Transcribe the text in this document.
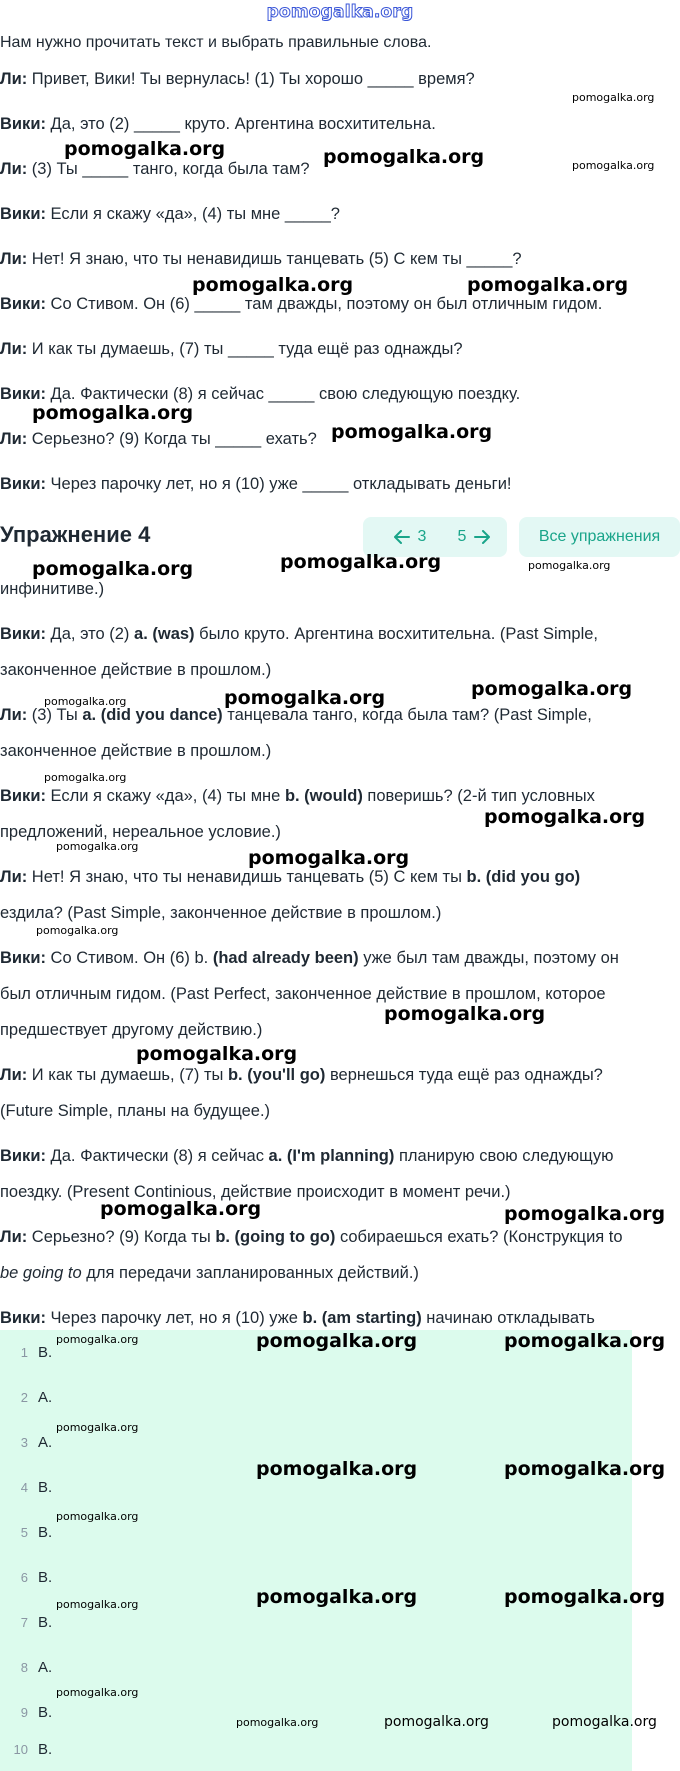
pomogalka.org
Нам нужно прочитать текст и выбрать правильные слова.
Ли: Привет, Вики! Ты вернулась! (1) Ты хорошо _____ время?
Вики: Да, это (2) _____ круто. Аргентина восхитительна.
Ли: (3) Ты _____ танго, когда была там?
Вики: Если я скажу «да», (4) ты мне _____?
Ли: Нет! Я знаю, что ты ненавидишь танцевать (5) С кем ты _____?
Вики: Со Стивом. Он (6) _____ там дважды, поэтому он был отличным гидом.
Ли: И как ты думаешь, (7) ты _____ туда ещё раз однажды?
Вики: Да. Фактически (8) я сейчас _____ свою следующую поездку.
Ли: Серьезно? (9) Когда ты _____ ехать?
Вики: Через парочку лет, но я (10) уже _____ откладывать деньги!
Упражнение 4	3 5	Все упражнения
инфинитиве.)
Вики: Да, это (2) a. (was) было круто. Аргентина восхитительна. (Past Simple,
законченное действие в прошлом.)
Ли: (3) Ты a. (did you dance) танцевала танго, когда была там? (Past Simple,
законченное действие в прошлом.)
Вики: Если я скажу «да», (4) ты мне b. (would) поверишь? (2-й тип условных
предложений, нереальное условие.)
Ли: Нет! Я знаю, что ты ненавидишь танцевать (5) С кем ты b. (did you go)
ездила? (Past Simple, законченное действие в прошлом.)
Вики: Со Стивом. Он (6) b. (had already been) уже был там дважды, поэтому он
был отличным гидом. (Past Perfect, законченное действие в прошлом, которое
предшествует другому действию.)
Ли: И как ты думаешь, (7) ты b. (you'll go) вернешься туда ещё раз однажды?
(Future Simple, планы на будущее.)
Вики: Да. Фактически (8) я сейчас a. (I'm planning) планирую свою следующую
поездку. (Present Continious, действие происходит в момент речи.)
Ли: Серьезно? (9) Когда ты b. (going to go) собираешься ехать? (Конструкция to
be going to для передачи запланированных действий.)
Вики: Через парочку лет, но я (10) уже b. (am starting) начинаю откладывать
1 B.
2 A.
3 A.
4 B.
5 B.
6 B.
7 B.
8 A.
9 B.
10 B.
pomogalka.org
pomogalka.org	pomogalka.org	pomogalka.org
pomogalka.org	pomogalka.org
pomogalka.org
pomogalka.org
pomogalka.org	pomogalka.org	pomogalka.org
pomogalka.org	pomogalka.org	pomogalka.org
pomogalka.org
pomogalka.org
pomogalka.org
pomogalka.org
pomogalka.org
pomogalka.org
pomogalka.org
pomogalka.org	pomogalka.org
pomogalka.org	pomogalka.org	pomogalka.org
pomogalka.org
pomogalka.org	pomogalka.org
pomogalka.org
pomogalka.org	pomogalka.org
pomogalka.org
pomogalka.org
pomogalka.org	pomogalka.org	pomogalka.org
